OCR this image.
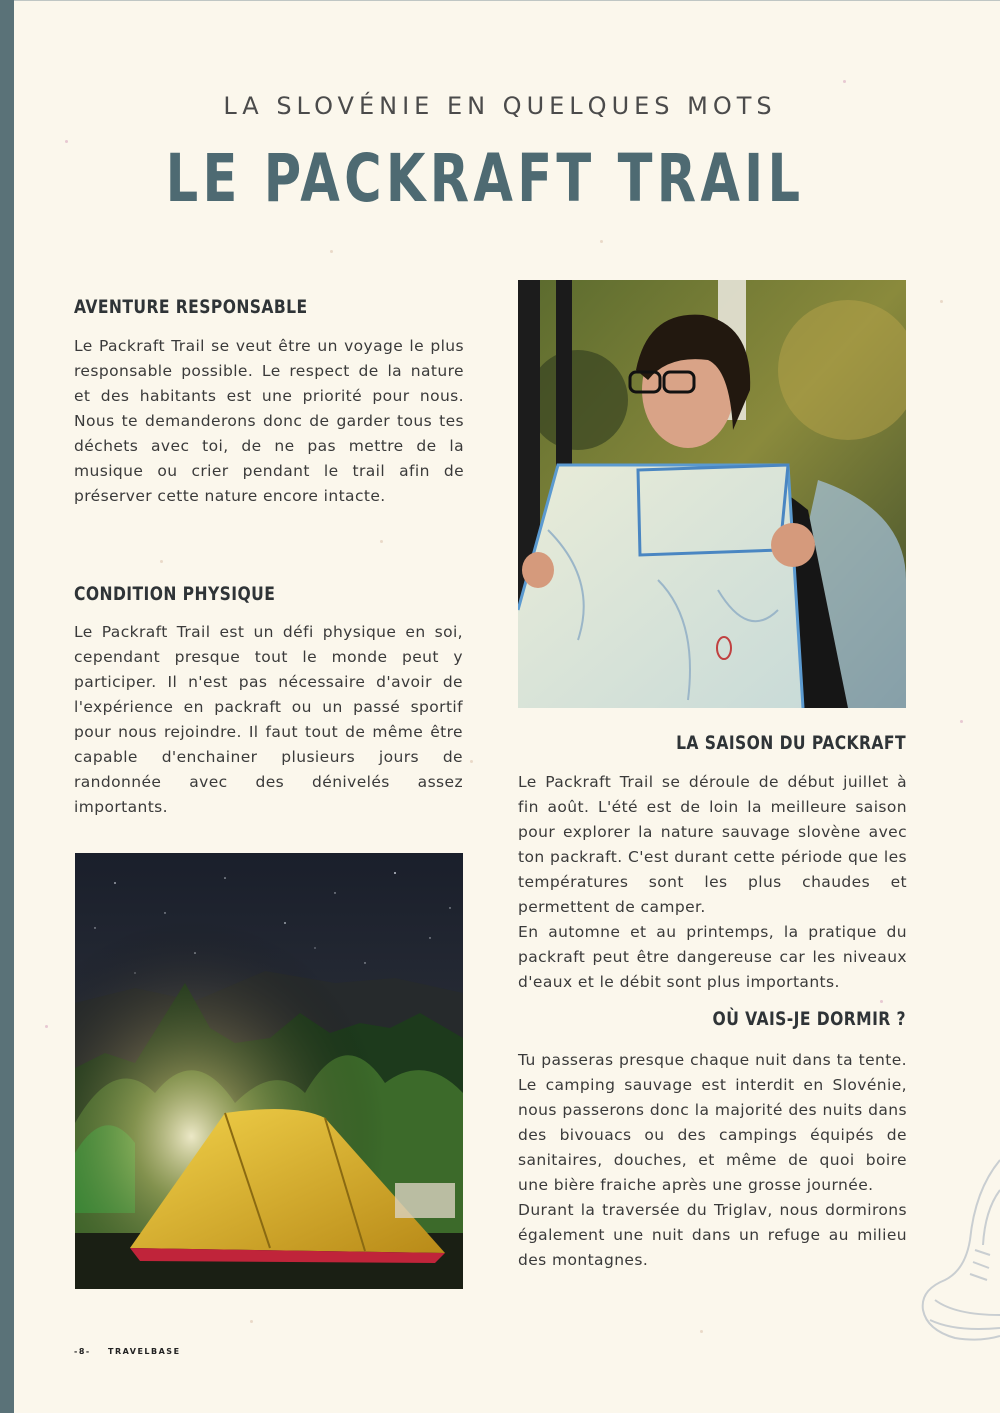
LA SLOVÉNIE EN QUELQUES MOTS
LE PACKRAFT TRAIL
AVENTURE RESPONSABLE
Le Packraft Trail se veut être un voyage le plus responsable possible. Le respect de la nature et des habitants est une priorité pour nous. Nous te demanderons donc de garder tous tes déchets avec toi, de ne pas mettre de la musique ou crier pendant le trail afin de préserver cette nature encore intacte.
CONDITION PHYSIQUE
Le Packraft Trail est un défi physique en soi, cependant presque tout le monde peut y participer. Il n'est pas nécessaire d'avoir de l'expérience en packraft ou un passé sportif pour nous rejoindre. Il faut tout de même être capable d'enchainer plusieurs jours de randonnée avec des dénivelés assez importants.
LA SAISON DU PACKRAFT
Le Packraft Trail se déroule de début juillet à fin août. L'été est de loin la meilleure saison pour explorer la nature sauvage slovène avec ton packraft. C'est durant cette période que les températures sont les plus chaudes et permettent de camper.
En automne et au printemps, la pratique du packraft peut être dangereuse car les niveaux d'eaux et le débit sont plus importants.
OÙ VAIS-JE DORMIR ?
Tu passeras presque chaque nuit dans ta tente. Le camping sauvage est interdit en Slovénie, nous passerons donc la majorité des nuits dans des bivouacs ou des campings équipés de sanitaires, douches, et même de quoi boire une bière fraiche après une grosse journée.
Durant la traversée du Triglav, nous dormirons également une nuit dans un refuge au milieu des montagnes.
-8- TRAVELBASE
